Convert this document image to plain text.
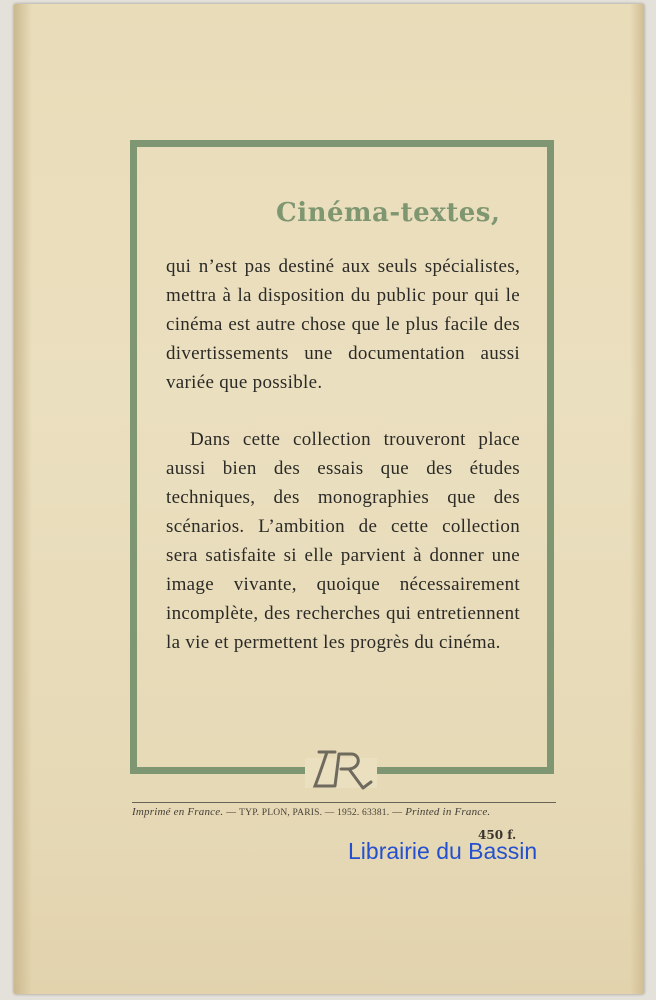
Cinéma-textes,

qui n’est pas destiné aux seuls spécialistes, mettra à la disposition du public pour qui le cinéma est autre chose que le plus facile des divertissements une documentation aussi variée que possible.

Dans cette collection trouveront place aussi bien des essais que des études techniques, des monographies que des scénarios. L’ambition de cette collection sera satisfaite si elle parvient à donner une image vivante, quoique nécessairement incomplète, des recherches qui entretiennent la vie et permettent les progrès du cinéma.

Imprimé en France. — TYP. PLON, PARIS. — 1952. 63381. — Printed in France.
450 f.
Librairie du Bassin
